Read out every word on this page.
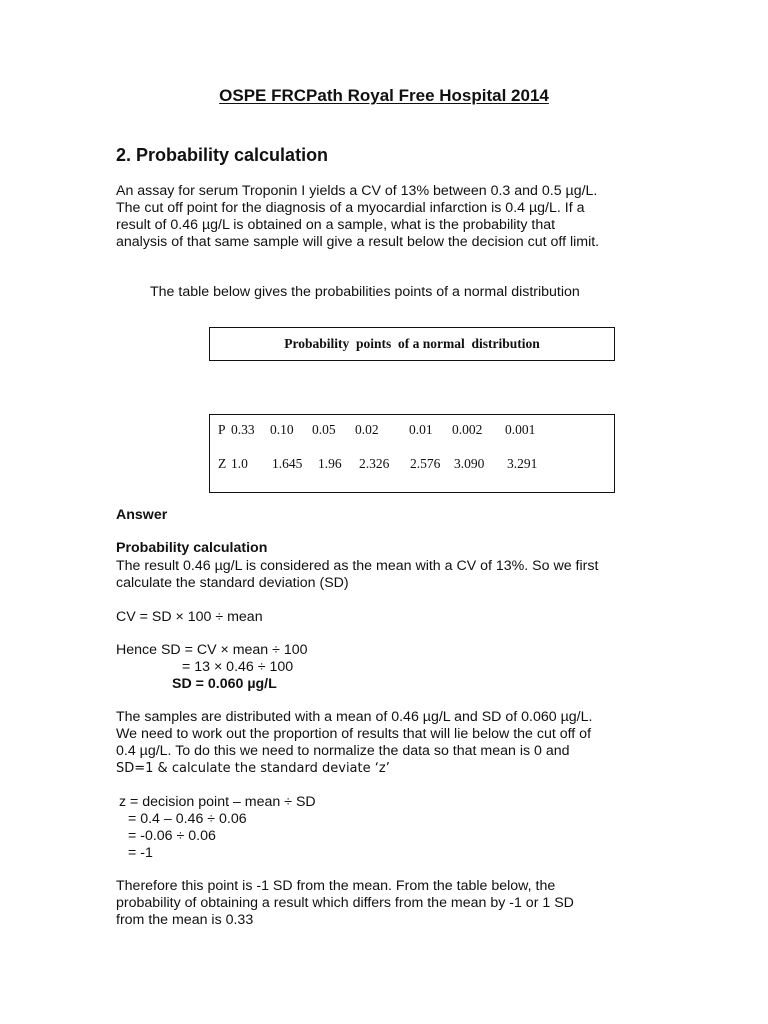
OSPE FRCPath Royal Free Hospital 2014
2. Probability calculation
An assay for serum Troponin I yields a CV of 13% between 0.3 and 0.5 µg/L.
The cut off point for the diagnosis of a myocardial infarction is 0.4 µg/L. If a
result of 0.46 µg/L is obtained on a sample, what is the probability that
analysis of that same sample will give a result below the decision cut off limit.
The table below gives the probabilities points of a normal distribution
Probability  points  of a normal  distribution
P 0.33 0.10 0.05 0.02 0.01 0.002 0.001
Z 1.0 1.645 1.96 2.326 2.576 3.090 3.291
Answer
Probability calculation
The result 0.46 µg/L is considered as the mean with a CV of 13%. So we first
calculate the standard deviation (SD)
CV = SD × 100 ÷ mean
Hence SD = CV × mean ÷ 100
= 13 × 0.46 ÷ 100
SD = 0.060 µg/L
The samples are distributed with a mean of 0.46 µg/L and SD of 0.060 µg/L.
We need to work out the proportion of results that will lie below the cut off of
0.4 µg/L. To do this we need to normalize the data so that mean is 0 and
SD=1 & calculate the standard deviate ‘z’
z = decision point – mean ÷ SD
= 0.4 – 0.46 ÷ 0.06
= -0.06 ÷ 0.06
= -1
Therefore this point is -1 SD from the mean. From the table below, the
probability of obtaining a result which differs from the mean by -1 or 1 SD
from the mean is 0.33
